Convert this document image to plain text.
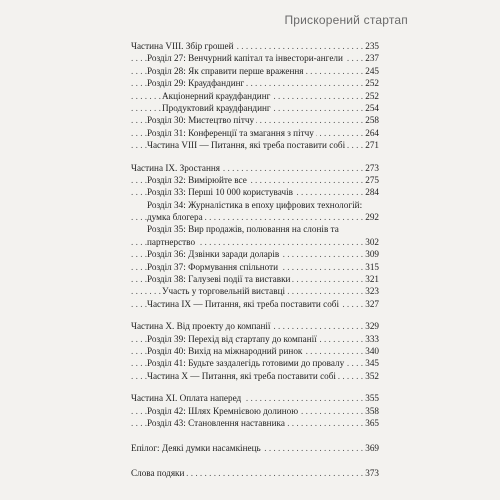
Прискорений стартап
. . . Частина VIII. Збір грошей	235
. . . Розділ 27: Венчурний капітал та інвестори-ангели 237
. . . Розділ 28: Як справити перше враження	245
. . . Розділ 29: Краудфандинг	252
. . . Акціонерний краудфандинг	252
. . . Продуктовий краудфандинг	254
. . . Розділ 30: Мистецтво пітчу	258
. . . Розділ 31: Конференції та змагання з пітчу	264
. . . Частина VIII — Питання, які треба поставити собі 271
. . . Частина IX. Зростання	273
. . . Розділ 32: Вимірюйте все	275
. . . Розділ 33: Перші 10 000 користувачів	284
Розділ 34: Журналістика в епоху цифрових технологій:
. . . думка блогера	292
Розділ 35: Вир продажів, полювання на слонів та
. . . партнерство	302
. . . Розділ 36: Дзвінки заради доларів	309
. . . Розділ 37: Формування спільноти	315
. . . Розділ 38: Галузеві події та виставки	321
. . . Участь у торговельній виставці	323
. . . Частина IX — Питання, які треба поставити собі	327
. . . Частина X. Від проекту до компанії	329
. . . Розділ 39: Перехід від стартапу до компанії	333
. . . Розділ 40: Вихід на міжнародний ринок	340
. . . Розділ 41: Будьте заздалегідь готовими до провалу 345
. . . Частина X — Питання, які треба поставити собі	352
. . . Частина XI. Оплата наперед	355
. . . Розділ 42: Шлях Кремнієвою долиною	358
. . . Розділ 43: Становлення наставника	365
. . . Епілог: Деякі думки насамкінець	369
. . . Слова подяки	373
